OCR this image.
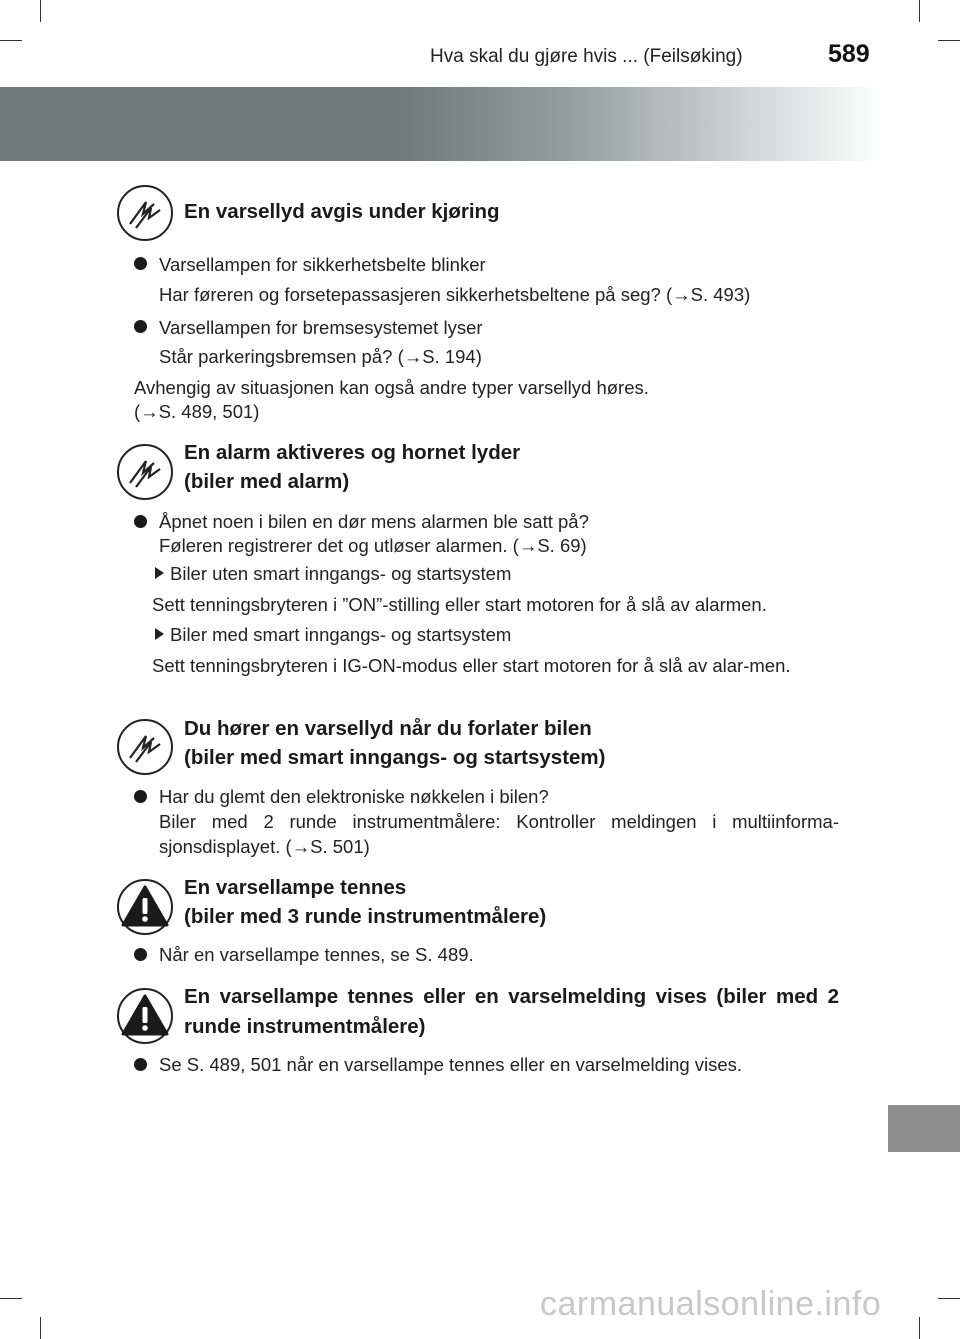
Hva skal du gjøre hvis ... (Feilsøking)	589
En varsellyd avgis under kjøring
Varsellampen for sikkerhetsbelte blinker
Har føreren og forsetepassasjeren sikkerhetsbeltene på seg? (→S. 493)
Varsellampen for bremsesystemet lyser
Står parkeringsbremsen på? (→S. 194)
Avhengig av situasjonen kan også andre typer varsellyd høres.
(→S. 489, 501)
En alarm aktiveres og hornet lyder
(biler med alarm)
Åpnet noen i bilen en dør mens alarmen ble satt på?
Føleren registrerer det og utløser alarmen. (→S. 69)
Biler uten smart inngangs- og startsystem
Sett tenningsbryteren i ”ON”-stilling eller start motoren for å slå av alarmen.
Biler med smart inngangs- og startsystem
Sett tenningsbryteren i IG-ON-modus eller start motoren for å slå av alar-men.
Du hører en varsellyd når du forlater bilen
(biler med smart inngangs- og startsystem)
Har du glemt den elektroniske nøkkelen i bilen?
Biler med 2 runde instrumentmålere: Kontroller meldingen i multiinforma-sjonsdisplayet. (→S. 501)
En varsellampe tennes
(biler med 3 runde instrumentmålere)
Når en varsellampe tennes, se S. 489.
En varsellampe tennes eller en varselmelding vises (biler med 2 runde instrumentmålere)
Se S. 489, 501 når en varsellampe tennes eller en varselmelding vises.
carmanualsonline.info
